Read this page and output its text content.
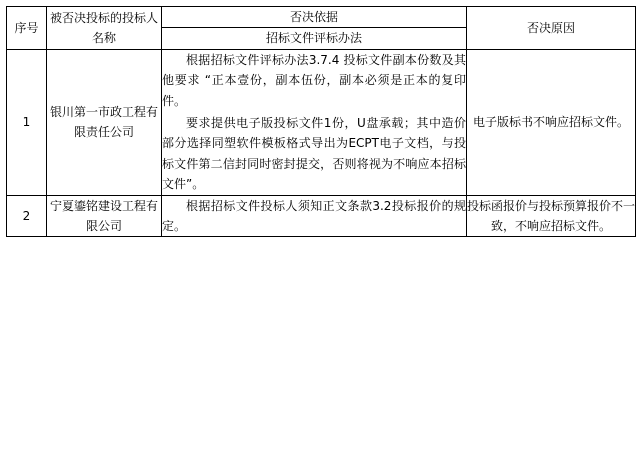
序号	被否决投标的投标人名称	否决依据	否决原因
		招标文件评标办法	
1	银川第一市政工程有限责任公司	根据招标文件评标办法3.7.4 投标文件副本份数及其他要求 “正本壹份，副本伍份，副本必须是正本的复印件。

要求提供电子版投标文件1份，U盘承载；其中造价部分选择同塑软件模板格式导出为ECPT电子文档，与投标文件第二信封同时密封提交，否则将视为不响应本招标文件”。	电子版标书不响应招标文件。
2	宁夏鎏铭建设工程有限公司	根据招标文件投标人须知正文条款3.2投标报价的规定。	投标函报价与投标预算报价不一致，不响应招标文件。
